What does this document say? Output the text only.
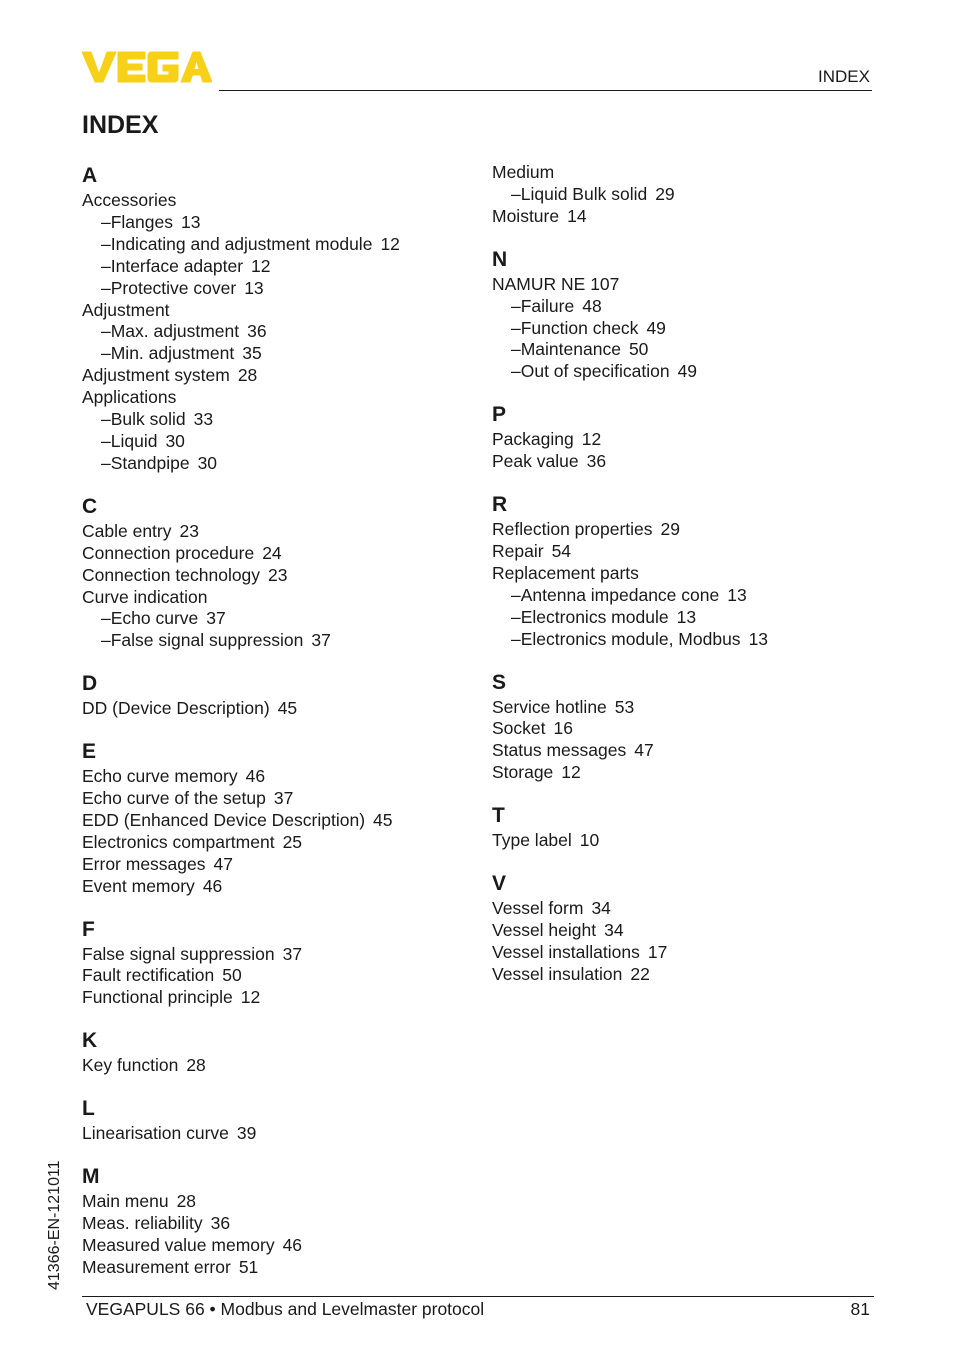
INDEX
INDEX
A
Accessories
– Flanges 13
– Indicating and adjustment module 12
– Interface adapter 12
– Protective cover 13
Adjustment
– Max. adjustment 36
– Min. adjustment 35
Adjustment system 28
Applications
– Bulk solid 33
– Liquid 30
– Standpipe 30
C
Cable entry 23
Connection procedure 24
Connection technology 23
Curve indication
– Echo curve 37
– False signal suppression 37
D
DD (Device Description) 45
E
Echo curve memory 46
Echo curve of the setup 37
EDD (Enhanced Device Description) 45
Electronics compartment 25
Error messages 47
Event memory 46
F
False signal suppression 37
Fault rectification 50
Functional principle 12
K
Key function 28
L
Linearisation curve 39
M
Main menu 28
Meas. reliability 36
Measured value memory 46
Measurement error 51
Medium
– Liquid Bulk solid 29
Moisture 14
N
NAMUR NE 107
– Failure 48
– Function check 49
– Maintenance 50
– Out of specification 49
P
Packaging 12
Peak value 36
R
Reflection properties 29
Repair 54
Replacement parts
– Antenna impedance cone 13
– Electronics module 13
– Electronics module, Modbus 13
S
Service hotline 53
Socket 16
Status messages 47
Storage 12
T
Type label 10
V
Vessel form 34
Vessel height 34
Vessel installations 17
Vessel insulation 22
41366-EN-121011
VEGAPULS 66 • Modbus and Levelmaster protocol	81
